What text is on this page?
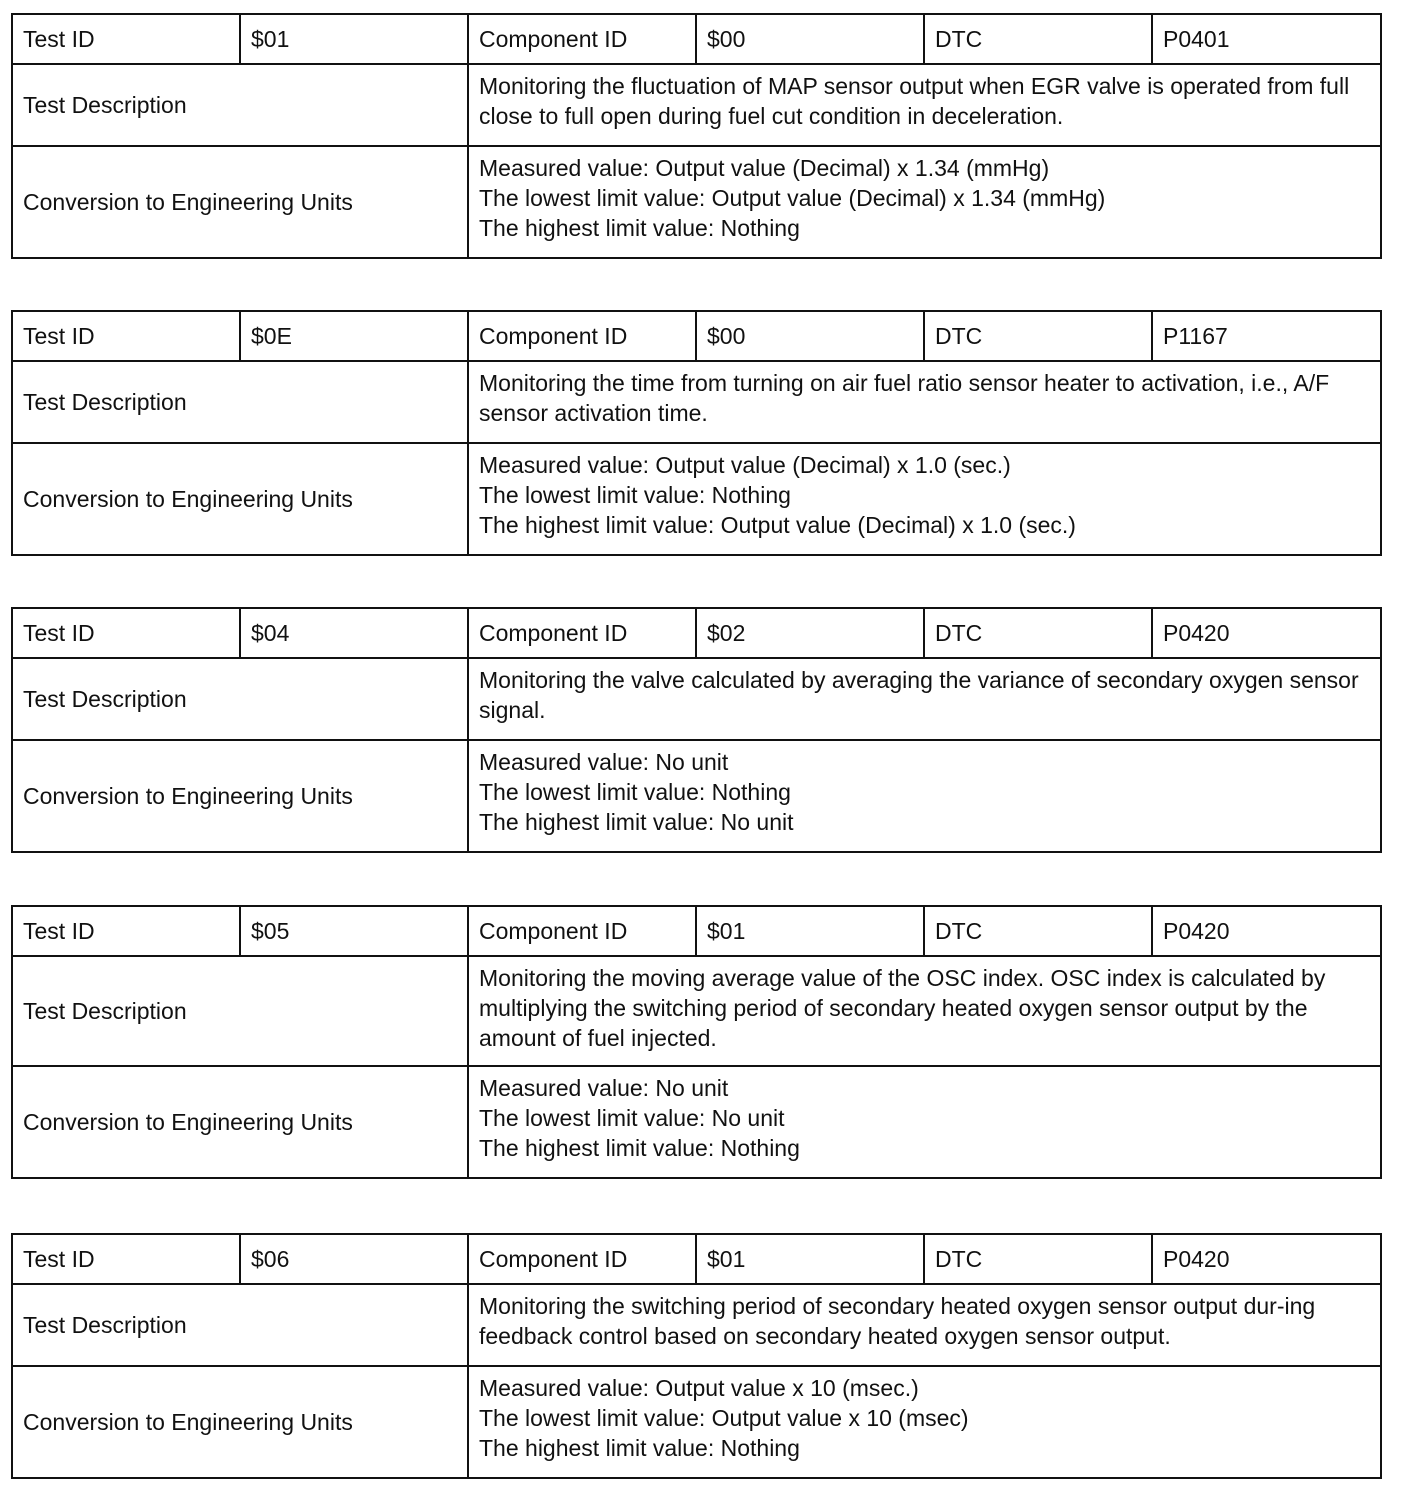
Test ID	$01	Component ID	$00	DTC	P0401
Test Description		Monitoring the fluctuation of MAP sensor output when EGR valve is operated from full close to full open during fuel cut condition in deceleration.			
Conversion to Engineering Units		Measured value: Output value (Decimal) x 1.34 (mmHg)
The lowest limit value: Output value (Decimal) x 1.34 (mmHg)
The highest limit value: Nothing			
Test ID	$0E	Component ID	$00	DTC	P1167
Test Description		Monitoring the time from turning on air fuel ratio sensor heater to activation, i.e., A/F sensor activation time.			
Conversion to Engineering Units		Measured value: Output value (Decimal) x 1.0 (sec.)
The lowest limit value: Nothing
The highest limit value: Output value (Decimal) x 1.0 (sec.)			
Test ID	$04	Component ID	$02	DTC	P0420
Test Description		Monitoring the valve calculated by averaging the variance of secondary oxygen sensor signal.			
Conversion to Engineering Units		Measured value: No unit
The lowest limit value: Nothing
The highest limit value: No unit			
Test ID	$05	Component ID	$01	DTC	P0420
Test Description		Monitoring the moving average value of the OSC index. OSC index is calculated by multiplying the switching period of secondary heated oxygen sensor output by the amount of fuel injected.			
Conversion to Engineering Units		Measured value: No unit
The lowest limit value: No unit
The highest limit value: Nothing			
Test ID	$06	Component ID	$01	DTC	P0420
Test Description		Monitoring the switching period of secondary heated oxygen sensor output dur-ing feedback control based on secondary heated oxygen sensor output.			
Conversion to Engineering Units		Measured value: Output value x 10 (msec.)
The lowest limit value: Output value x 10 (msec)
The highest limit value: Nothing			
